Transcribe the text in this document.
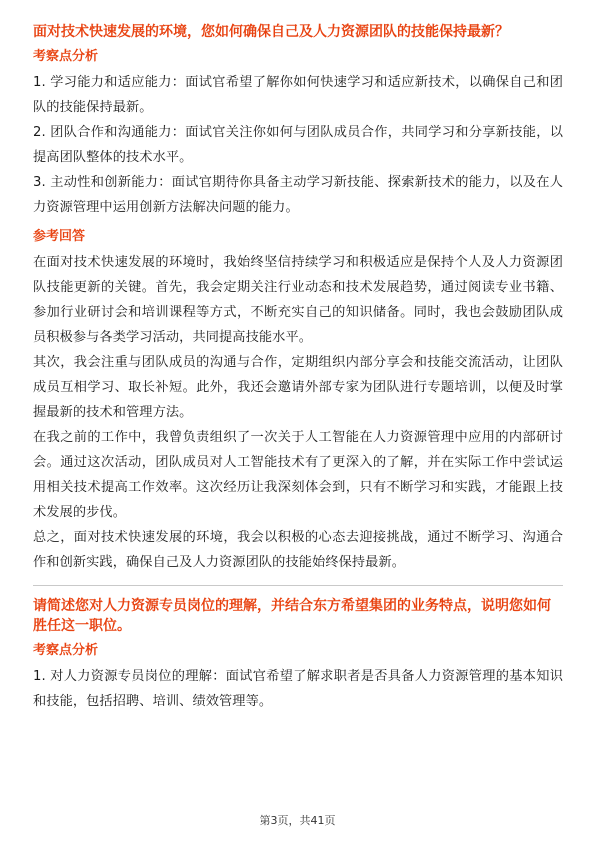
面对技术快速发展的环境，您如何确保自己及人力资源团队的技能保持最新？

考察点分析

1. 学习能力和适应能力：面试官希望了解你如何快速学习和适应新技术，以确保自己和团队的技能保持最新。

2. 团队合作和沟通能力：面试官关注你如何与团队成员合作，共同学习和分享新技能，以提高团队整体的技术水平。

3. 主动性和创新能力：面试官期待你具备主动学习新技能、探索新技术的能力，以及在人力资源管理中运用创新方法解决问题的能力。

参考回答

在面对技术快速发展的环境时，我始终坚信持续学习和积极适应是保持个人及人力资源团队技能更新的关键。首先，我会定期关注行业动态和技术发展趋势，通过阅读专业书籍、参加行业研讨会和培训课程等方式，不断充实自己的知识储备。同时，我也会鼓励团队成员积极参与各类学习活动，共同提高技能水平。

其次，我会注重与团队成员的沟通与合作，定期组织内部分享会和技能交流活动，让团队成员互相学习、取长补短。此外，我还会邀请外部专家为团队进行专题培训，以便及时掌握最新的技术和管理方法。

在我之前的工作中，我曾负责组织了一次关于人工智能在人力资源管理中应用的内部研讨会。通过这次活动，团队成员对人工智能技术有了更深入的了解，并在实际工作中尝试运用相关技术提高工作效率。这次经历让我深刻体会到，只有不断学习和实践，才能跟上技术发展的步伐。

总之，面对技术快速发展的环境，我会以积极的心态去迎接挑战，通过不断学习、沟通合作和创新实践，确保自己及人力资源团队的技能始终保持最新。

请简述您对人力资源专员岗位的理解，并结合东方希望集团的业务特点，说明您如何胜任这一职位。

考察点分析

1. 对人力资源专员岗位的理解：面试官希望了解求职者是否具备人力资源管理的基本知识和技能，包括招聘、培训、绩效管理等。

第3页，共41页
